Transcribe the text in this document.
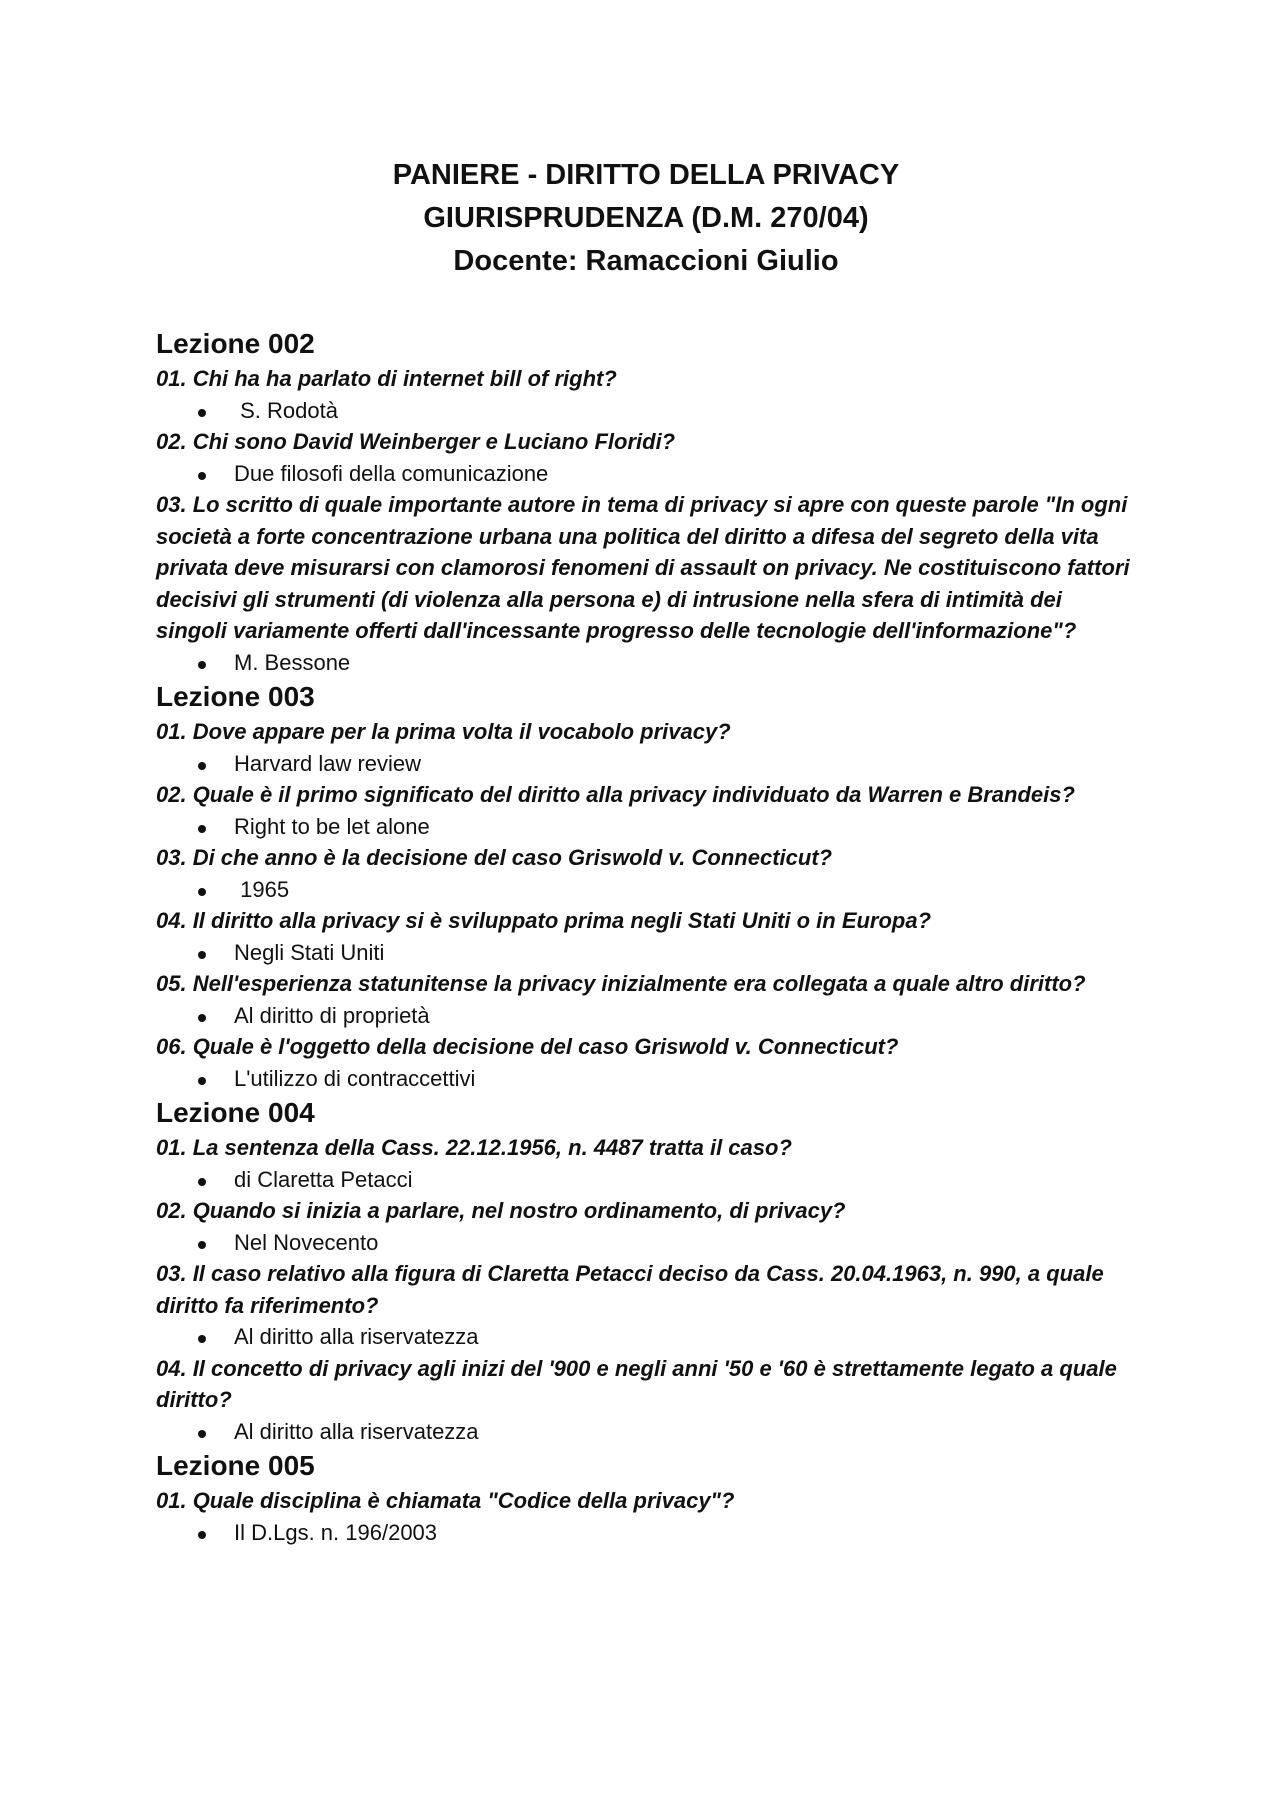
PANIERE - DIRITTO DELLA PRIVACY

GIURISPRUDENZA (D.M. 270/04)

Docente: Ramaccioni Giulio

Lezione 002

01. Chi ha ha parlato di internet bill of right?

S. Rodotà

02. Chi sono David Weinberger e Luciano Floridi?

Due filosofi della comunicazione

03. Lo scritto di quale importante autore in tema di privacy si apre con queste parole "In ogni società a forte concentrazione urbana una politica del diritto a difesa del segreto della vita privata deve misurarsi con clamorosi fenomeni di assault on privacy. Ne costituiscono fattori decisivi gli strumenti (di violenza alla persona e) di intrusione nella sfera di intimità dei singoli variamente offerti dall'incessante progresso delle tecnologie dell'informazione"?

M. Bessone
Lezione 003

01. Dove appare per la prima volta il vocabolo privacy?

Harvard law review

02. Quale è il primo significato del diritto alla privacy individuato da Warren e Brandeis?

Right to be let alone

03. Di che anno è la decisione del caso Griswold v. Connecticut?

1965

04. Il diritto alla privacy si è sviluppato prima negli Stati Uniti o in Europa?

Negli Stati Uniti

05. Nell'esperienza statunitense la privacy inizialmente era collegata a quale altro diritto?

Al diritto di proprietà

06. Quale è l'oggetto della decisione del caso Griswold v. Connecticut?

L'utilizzo di contraccettivi
Lezione 004

01. La sentenza della Cass. 22.12.1956, n. 4487 tratta il caso?

di Claretta Petacci

02. Quando si inizia a parlare, nel nostro ordinamento, di privacy?

Nel Novecento

03. Il caso relativo alla figura di Claretta Petacci deciso da Cass. 20.04.1963, n. 990, a quale diritto fa riferimento?

Al diritto alla riservatezza

04. Il concetto di privacy agli inizi del '900 e negli anni '50 e '60 è strettamente legato a quale diritto?

Al diritto alla riservatezza
Lezione 005

01. Quale disciplina è chiamata "Codice della privacy"?

Il D.Lgs. n. 196/2003
